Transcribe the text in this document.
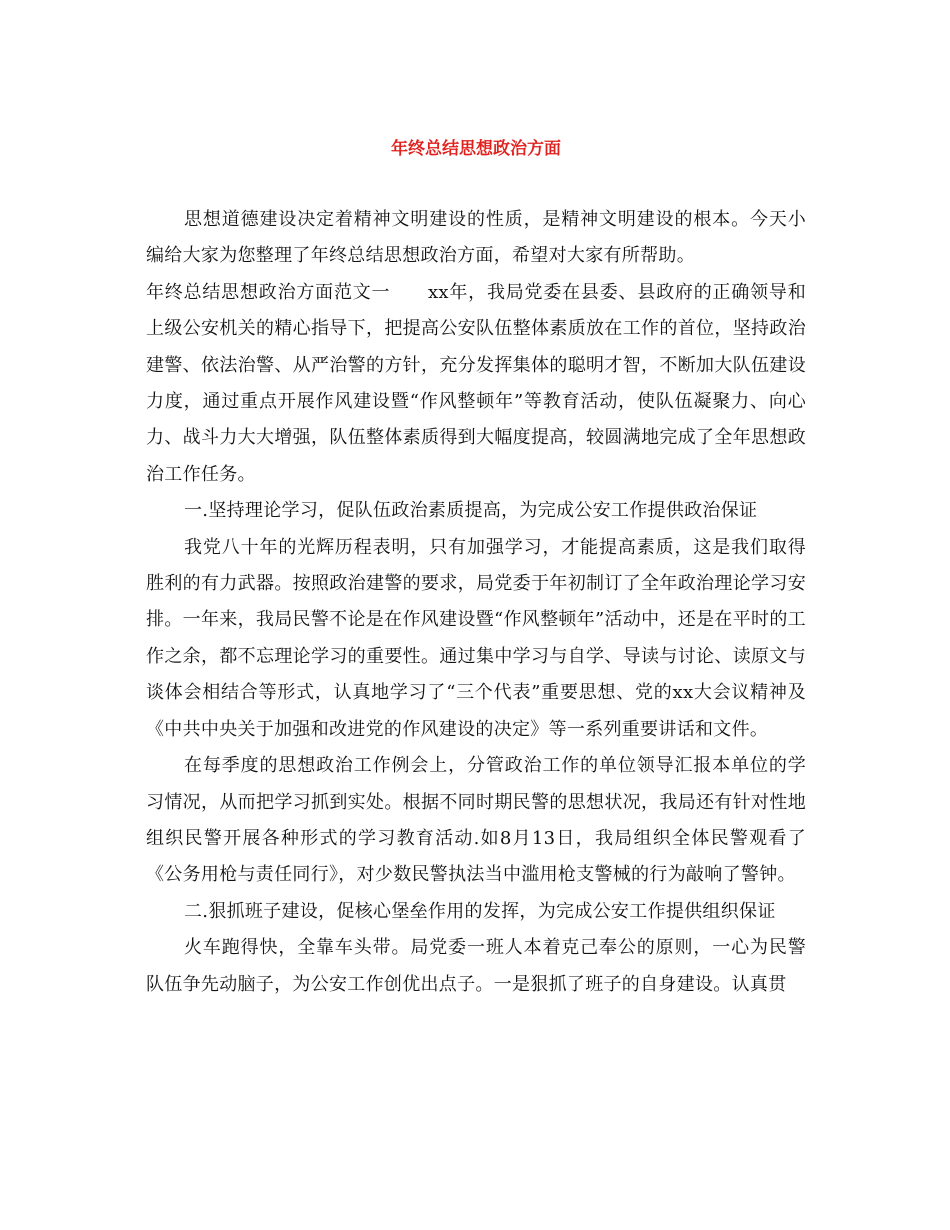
年终总结思想政治方面

思想道德建设决定着精神文明建设的性质，是精神文明建设的根本。今天小编给大家为您整理了年终总结思想政治方面，希望对大家有所帮助。

年终总结思想政治方面范文一　　xx年，我局党委在县委、县政府的正确领导和上级公安机关的精心指导下，把提高公安队伍整体素质放在工作的首位，坚持政治建警、依法治警、从严治警的方针，充分发挥集体的聪明才智，不断加大队伍建设力度，通过重点开展作风建设暨“作风整顿年”等教育活动，使队伍凝聚力、向心力、战斗力大大增强，队伍整体素质得到大幅度提高，较圆满地完成了全年思想政治工作任务。

一.坚持理论学习，促队伍政治素质提高，为完成公安工作提供政治保证

我党八十年的光辉历程表明，只有加强学习，才能提高素质，这是我们取得胜利的有力武器。按照政治建警的要求，局党委于年初制订了全年政治理论学习安排。一年来，我局民警不论是在作风建设暨“作风整顿年”活动中，还是在平时的工作之余，都不忘理论学习的重要性。通过集中学习与自学、导读与讨论、读原文与谈体会相结合等形式，认真地学习了“三个代表”重要思想、党的xx大会议精神及《中共中央关于加强和改进党的作风建设的决定》等一系列重要讲话和文件。

在每季度的思想政治工作例会上，分管政治工作的单位领导汇报本单位的学习情况，从而把学习抓到实处。根据不同时期民警的思想状况，我局还有针对性地组织民警开展各种形式的学习教育活动.如8月13日，我局组织全体民警观看了《公务用枪与责任同行》，对少数民警执法当中滥用枪支警械的行为敲响了警钟。

二.狠抓班子建设，促核心堡垒作用的发挥，为完成公安工作提供组织保证

火车跑得快，全靠车头带。局党委一班人本着克己奉公的原则，一心为民警队伍争先动脑子，为公安工作创优出点子。一是狠抓了班子的自身建设。认真贯
